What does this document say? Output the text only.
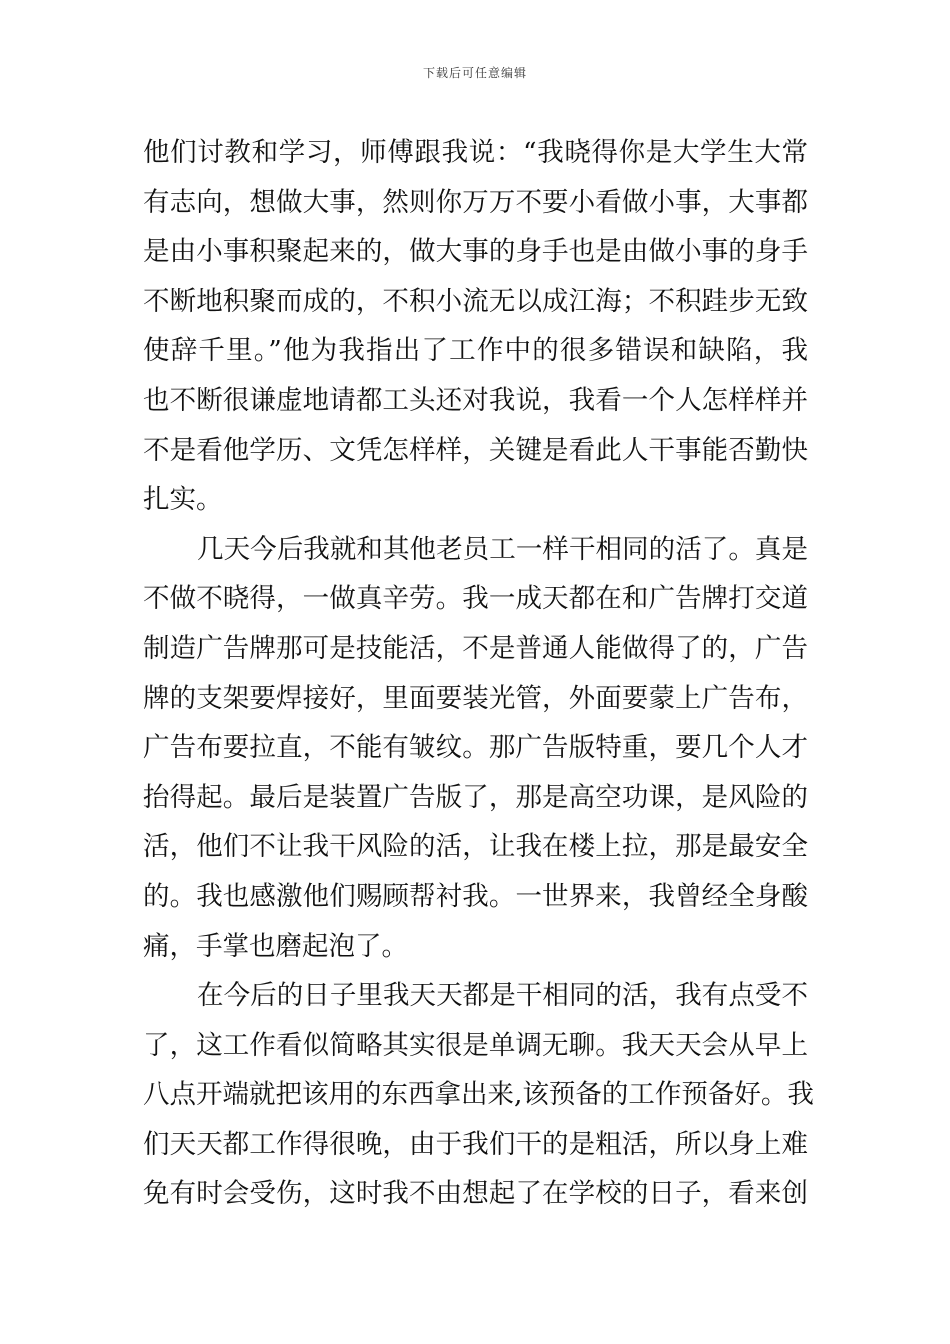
下载后可任意编辑
他们讨教和学习，师傅跟我说：“我晓得你是大学生大常
有志向，想做大事，然则你万万不要小看做小事，大事都
是由小事积聚起来的，做大事的身手也是由做小事的身手
不断地积聚而成的，不积小流无以成江海；不积跬步无致
使辞千里。”他为我指出了工作中的很多错误和缺陷，我
也不断很谦虚地请都工头还对我说，我看一个人怎样样并
不是看他学历、文凭怎样样，关键是看此人干事能否勤快
扎实。
几天今后我就和其他老员工一样干相同的活了。真是
不做不晓得，一做真辛劳。我一成天都在和广告牌打交道
制造广告牌那可是技能活，不是普通人能做得了的，广告
牌的支架要焊接好，里面要装光管，外面要蒙上广告布，
广告布要拉直，不能有皱纹。那广告版特重，要几个人才
抬得起。最后是装置广告版了，那是高空功课，是风险的
活，他们不让我干风险的活，让我在楼上拉，那是最安全
的。我也感激他们赐顾帮衬我。一世界来，我曾经全身酸
痛，手掌也磨起泡了。
在今后的日子里我天天都是干相同的活，我有点受不
了，这工作看似简略其实很是单调无聊。我天天会从早上
八点开端就把该用的东西拿出来,该预备的工作预备好。我
们天天都工作得很晚，由于我们干的是粗活，所以身上难
免有时会受伤，这时我不由想起了在学校的日子，看来创
